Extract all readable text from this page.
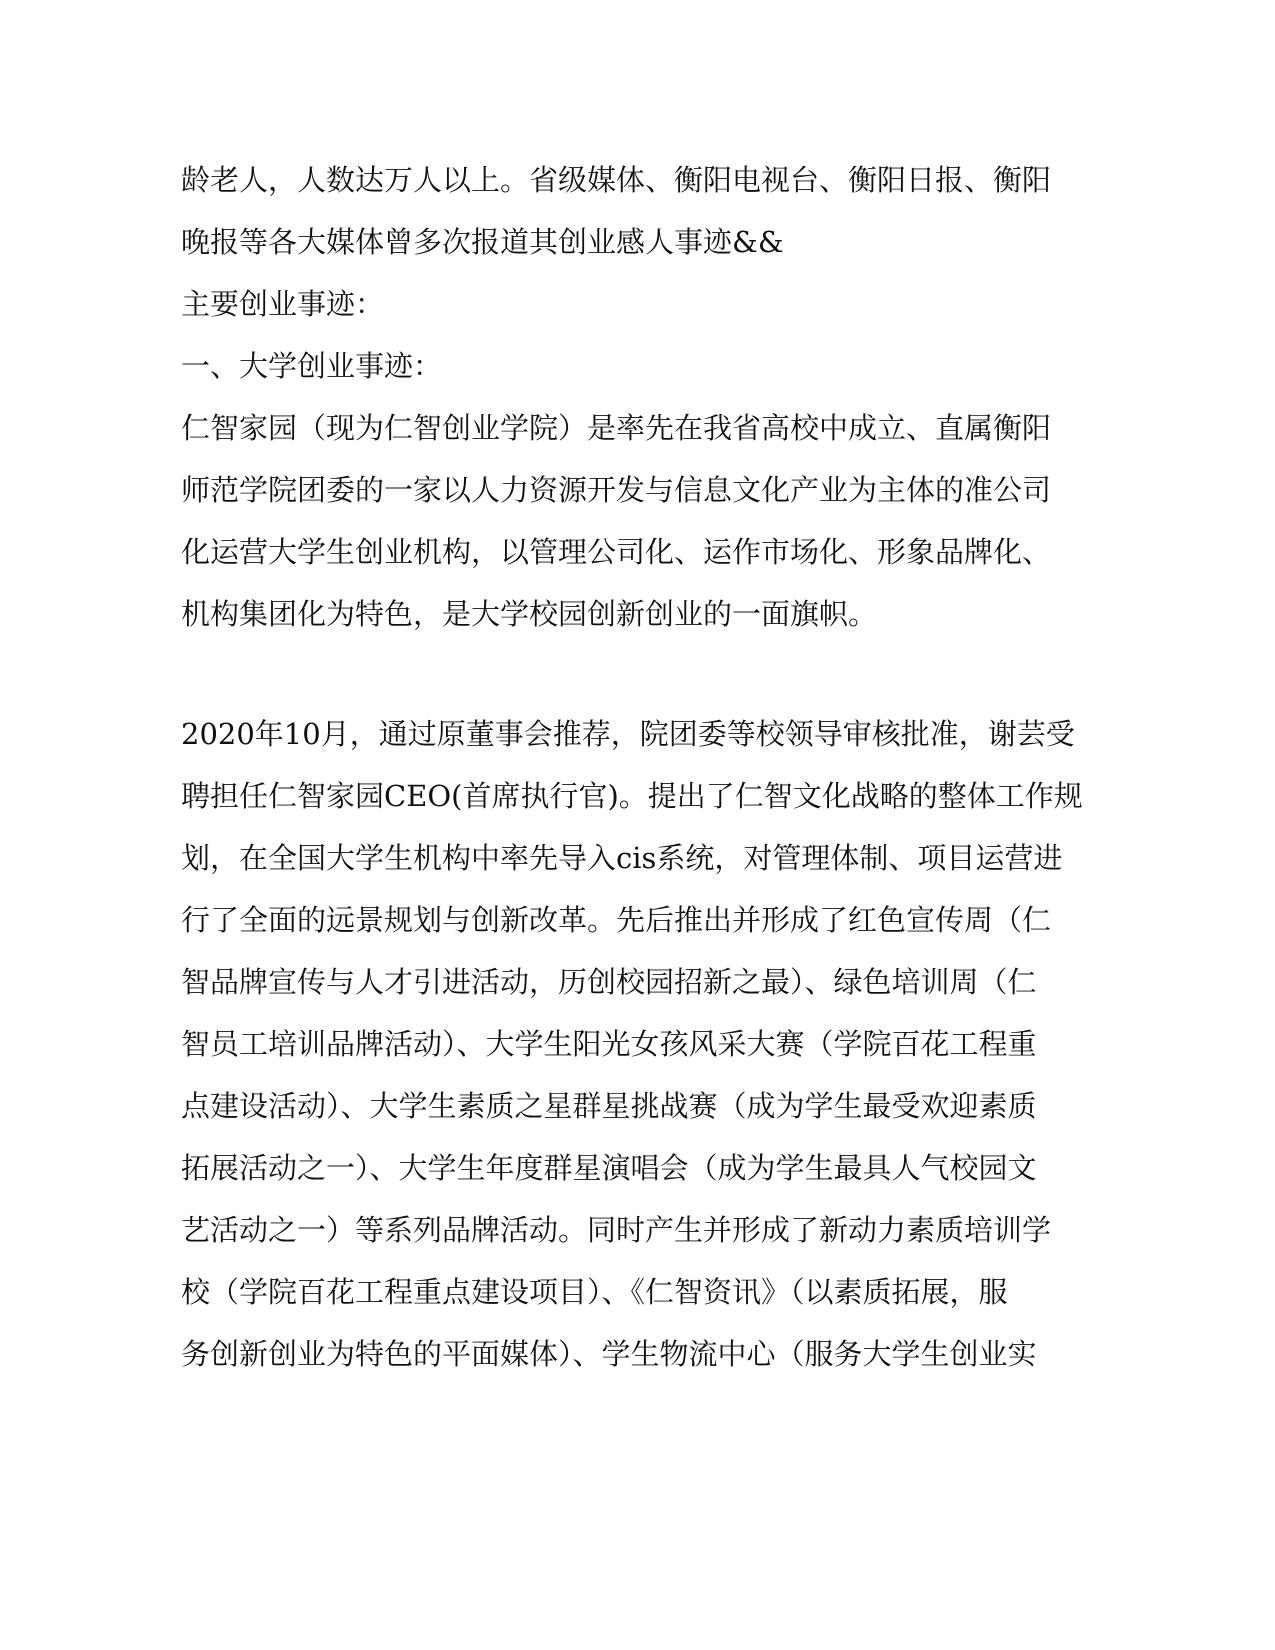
龄老人，人数达万人以上。省级媒体、衡阳电视台、衡阳日报、衡阳
晚报等各大媒体曾多次报道其创业感人事迹&&
主要创业事迹：
一、大学创业事迹：
仁智家园（现为仁智创业学院）是率先在我省高校中成立、直属衡阳
师范学院团委的一家以人力资源开发与信息文化产业为主体的准公司
化运营大学生创业机构，以管理公司化、运作市场化、形象品牌化、
机构集团化为特色，是大学校园创新创业的一面旗帜。
2020年10月，通过原董事会推荐，院团委等校领导审核批准，谢芸受
聘担任仁智家园CEO(首席执行官)。提出了仁智文化战略的整体工作规
划，在全国大学生机构中率先导入cis系统，对管理体制、项目运营进
行了全面的远景规划与创新改革。先后推出并形成了红色宣传周（仁
智品牌宣传与人才引进活动，历创校园招新之最）、绿色培训周（仁
智员工培训品牌活动）、大学生阳光女孩风采大赛（学院百花工程重
点建设活动）、大学生素质之星群星挑战赛（成为学生最受欢迎素质
拓展活动之一）、大学生年度群星演唱会（成为学生最具人气校园文
艺活动之一）等系列品牌活动。同时产生并形成了新动力素质培训学
校（学院百花工程重点建设项目）、《仁智资讯》（以素质拓展，服
务创新创业为特色的平面媒体）、学生物流中心（服务大学生创业实
